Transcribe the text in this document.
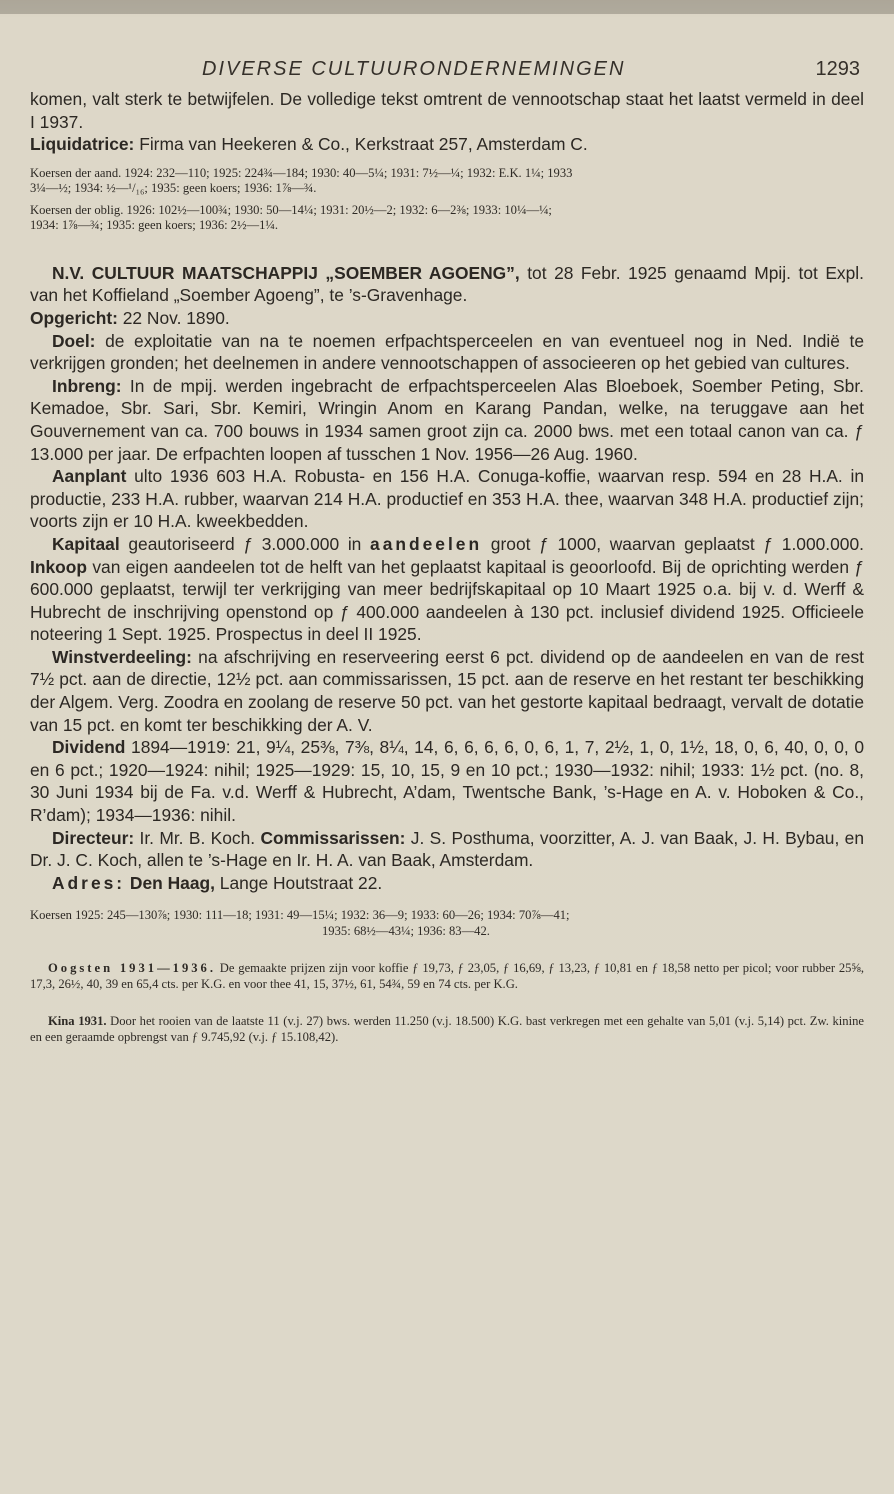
DIVERSE CULTUURONDERNEMINGEN	1293

komen, valt sterk te betwijfelen. De volledige tekst omtrent de vennootschap staat het laatst vermeld in deel I 1937.

Liquidatrice: Firma van Heekeren & Co., Kerkstraat 257, Amsterdam C.

Koersen der aand. 1924: 232—110; 1925: 224¾—184; 1930: 40—5¼; 1931: 7½—¼; 1932: E.K. 1¼; 1933

3¼—½; 1934: ½—¹/₁₆; 1935: geen koers; 1936: 1⅞—¾.

Koersen der oblig. 1926: 102½—100¾; 1930: 50—14¼; 1931: 20½—2; 1932: 6—2⅜; 1933: 10¼—¼;

1934: 1⅞—¾; 1935: geen koers; 1936: 2½—1¼.

N.V. CULTUUR MAATSCHAPPIJ „SOEMBER AGOENG”, tot 28 Febr. 1925 genaamd Mpij. tot Expl. van het Koffieland „Soember Agoeng”, te ’s-Gravenhage.

Opgericht: 22 Nov. 1890.

Doel: de exploitatie van na te noemen erfpachtsperceelen en van eventueel nog in Ned. Indië te verkrijgen gronden; het deelnemen in andere vennootschappen of associeeren op het gebied van cultures.

Inbreng: In de mpij. werden ingebracht de erfpachtsperceelen Alas Bloeboek, Soember Peting, Sbr. Kemadoe, Sbr. Sari, Sbr. Kemiri, Wringin Anom en Karang Pandan, welke, na teruggave aan het Gouvernement van ca. 700 bouws in 1934 samen groot zijn ca. 2000 bws. met een totaal canon van ca. ƒ 13.000 per jaar. De erfpachten loopen af tusschen 1 Nov. 1956—26 Aug. 1960.

Aanplant ulto 1936 603 H.A. Robusta- en 156 H.A. Conuga-koffie, waarvan resp. 594 en 28 H.A. in productie, 233 H.A. rubber, waarvan 214 H.A. productief en 353 H.A. thee, waarvan 348 H.A. productief zijn; voorts zijn er 10 H.A. kweekbedden.

Kapitaal geautoriseerd ƒ 3.000.000 in aandeelen groot ƒ 1000, waarvan geplaatst ƒ 1.000.000. Inkoop van eigen aandeelen tot de helft van het geplaatst kapitaal is geoorloofd. Bij de oprichting werden ƒ 600.000 geplaatst, terwijl ter verkrijging van meer bedrijfskapitaal op 10 Maart 1925 o.a. bij v. d. Werff & Hubrecht de inschrijving openstond op ƒ 400.000 aandeelen à 130 pct. inclusief dividend 1925. Officieele noteering 1 Sept. 1925. Prospectus in deel II 1925.

Winstverdeeling: na afschrijving en reserveering eerst 6 pct. dividend op de aandeelen en van de rest 7½ pct. aan de directie, 12½ pct. aan commissarissen, 15 pct. aan de reserve en het restant ter beschikking der Algem. Verg. Zoodra en zoolang de reserve 50 pct. van het gestorte kapitaal bedraagt, vervalt de dotatie van 15 pct. en komt ter beschikking der A. V.

Dividend 1894—1919: 21, 9¼, 25⅜, 7⅜, 8¼, 14, 6, 6, 6, 6, 0, 6, 1, 7, 2½, 1, 0, 1½, 18, 0, 6, 40, 0, 0, 0 en 6 pct.; 1920—1924: nihil; 1925—1929: 15, 10, 15, 9 en 10 pct.; 1930—1932: nihil; 1933: 1½ pct. (no. 8, 30 Juni 1934 bij de Fa. v.d. Werff & Hubrecht, A’dam, Twentsche Bank, ’s-Hage en A. v. Hoboken & Co., R’dam); 1934—1936: nihil.

Directeur: Ir. Mr. B. Koch. Commissarissen: J. S. Posthuma, voorzitter, A. J. van Baak, J. H. Bybau, en Dr. J. C. Koch, allen te ’s-Hage en Ir. H. A. van Baak, Amsterdam.

Adres: Den Haag, Lange Houtstraat 22.

Koersen 1925: 245—130⅞; 1930: 111—18; 1931: 49—15¼; 1932: 36—9; 1933: 60—26; 1934: 70⅞—41;

1935: 68½—43¼; 1936: 83—42.

Oogsten 1931—1936. De gemaakte prijzen zijn voor koffie ƒ 19,73, ƒ 23,05, ƒ 16,69, ƒ 13,23, ƒ 10,81 en ƒ 18,58 netto per picol; voor rubber 25⅝, 17,3, 26½, 40, 39 en 65,4 cts. per K.G. en voor thee 41, 15, 37½, 61, 54¾, 59 en 74 cts. per K.G.

Kina 1931. Door het rooien van de laatste 11 (v.j. 27) bws. werden 11.250 (v.j. 18.500) K.G. bast verkregen met een gehalte van 5,01 (v.j. 5,14) pct. Zw. kinine en een geraamde opbrengst van ƒ 9.745,92 (v.j. ƒ 15.108,42).
